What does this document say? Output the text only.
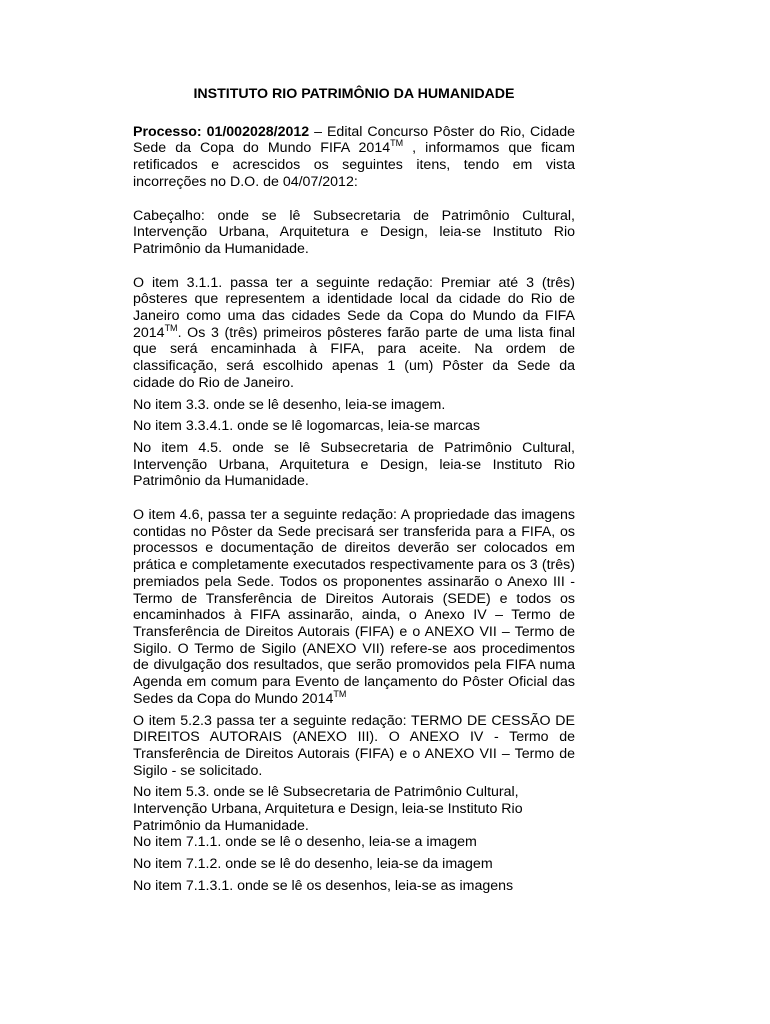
INSTITUTO RIO PATRIMÔNIO DA HUMANIDADE

Processo: 01/002028/2012 – Edital Concurso Pôster do Rio, Cidade Sede da Copa do Mundo FIFA 2014™ , informamos que ficam retificados e acrescidos os seguintes itens, tendo em vista incorreções no D.O. de 04/07/2012:

Cabeçalho: onde se lê Subsecretaria de Patrimônio Cultural, Intervenção Urbana, Arquitetura e Design, leia-se Instituto Rio Patrimônio da Humanidade.

O item 3.1.1. passa ter a seguinte redação: Premiar até 3 (três) pôsteres que representem a identidade local da cidade do Rio de Janeiro como uma das cidades Sede da Copa do Mundo da FIFA 2014™. Os 3 (três) primeiros pôsteres farão parte de uma lista final que será encaminhada à FIFA, para aceite. Na ordem de classificação, será escolhido apenas 1 (um) Pôster da Sede da cidade do Rio de Janeiro.

No item 3.3. onde se lê desenho, leia-se imagem.

No item 3.3.4.1. onde se lê logomarcas, leia-se marcas

No item 4.5. onde se lê Subsecretaria de Patrimônio Cultural, Intervenção Urbana, Arquitetura e Design, leia-se Instituto Rio Patrimônio da Humanidade.

O item 4.6, passa ter a seguinte redação: A propriedade das imagens contidas no Pôster da Sede precisará ser transferida para a FIFA, os processos e documentação de direitos deverão ser colocados em prática e completamente executados respectivamente para os 3 (três) premiados pela Sede. Todos os proponentes assinarão o Anexo III - Termo de Transferência de Direitos Autorais (SEDE) e todos os encaminhados à FIFA assinarão, ainda, o Anexo IV – Termo de Transferência de Direitos Autorais (FIFA) e o ANEXO VII – Termo de Sigilo. O Termo de Sigilo (ANEXO VII) refere-se aos procedimentos de divulgação dos resultados, que serão promovidos pela FIFA numa Agenda em comum para Evento de lançamento do Pôster Oficial das Sedes da Copa do Mundo 2014™

O item 5.2.3 passa ter a seguinte redação: TERMO DE CESSÃO DE DIREITOS AUTORAIS (ANEXO III). O ANEXO IV - Termo de Transferência de Direitos Autorais (FIFA) e o ANEXO VII – Termo de Sigilo - se solicitado.

No item 5.3. onde se lê Subsecretaria de Patrimônio Cultural,
Intervenção Urbana, Arquitetura e Design, leia-se Instituto Rio
Patrimônio da Humanidade.

No item 7.1.1. onde se lê o desenho, leia-se a imagem

No item 7.1.2. onde se lê do desenho, leia-se da imagem

No item 7.1.3.1. onde se lê os desenhos, leia-se as imagens
